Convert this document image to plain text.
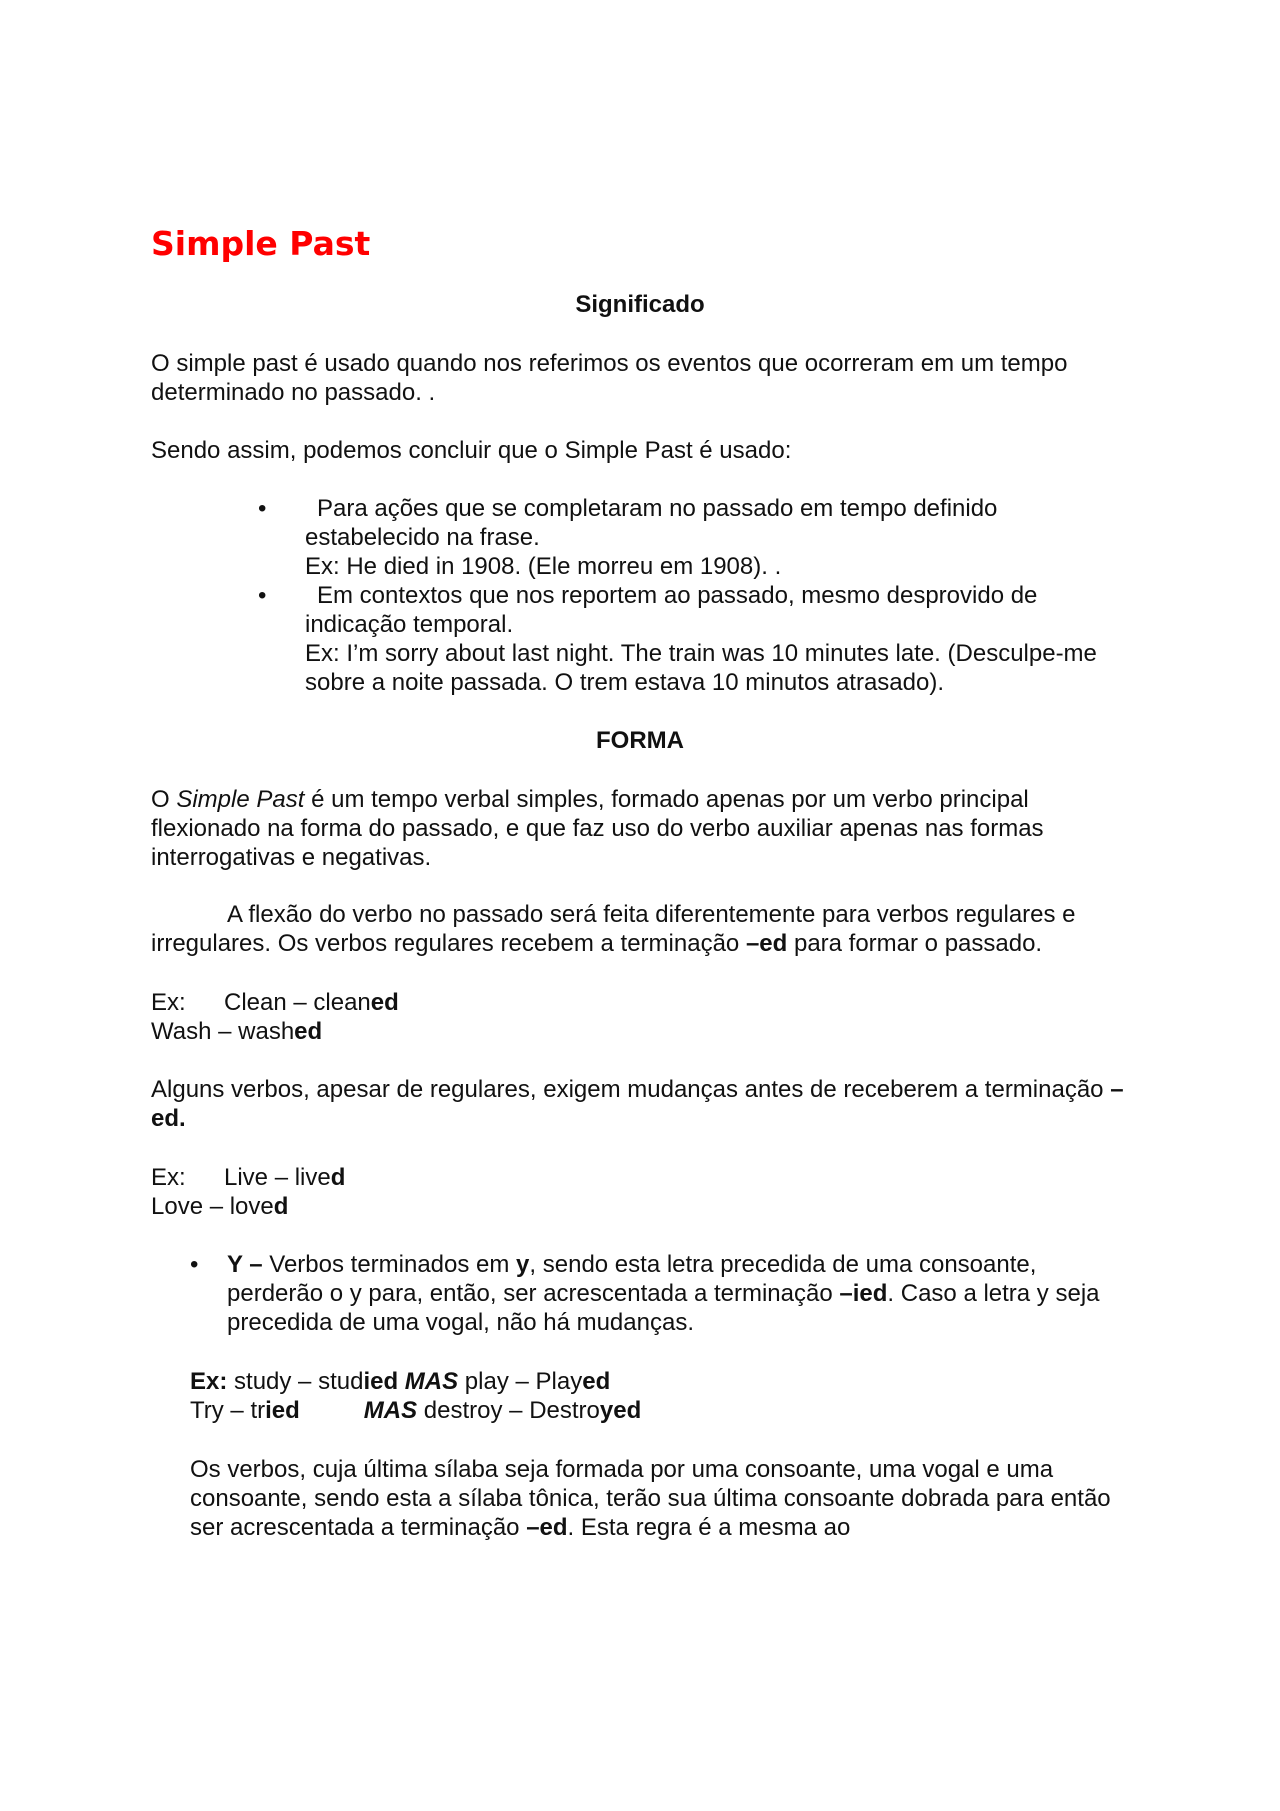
Simple Past
Significado

O simple past é usado quando nos referimos os eventos que ocorreram em um tempo determinado no passado. .

Sendo assim, podemos concluir que o Simple Past é usado:

•	Para ações que se completaram no passado em tempo definido estabelecido na frase.
Ex: He died in 1908. (Ele morreu em 1908). .
•	Em contextos que nos reportem ao passado, mesmo desprovido de indicação temporal.
Ex: I’m sorry about last night. The train was 10 minutes late. (Desculpe-me sobre a noite passada. O trem estava 10 minutos atrasado).
FORMA

O Simple Past é um tempo verbal simples, formado apenas por um verbo principal flexionado na forma do passado, e que faz uso do verbo auxiliar apenas nas formas interrogativas e negativas.

A flexão do verbo no passado será feita diferentemente para verbos regulares e irregulares. Os verbos regulares recebem a terminação –ed para formar o passado.

Ex: Clean – cleaned
Wash – washed

Alguns verbos, apesar de regulares, exigem mudanças antes de receberem a terminação –ed.

Ex: Live – lived
Love – loved
• Y – Verbos terminados em y, sendo esta letra precedida de uma consoante, perderão o y para, então, ser acrescentada a terminação –ied. Caso a letra y seja precedida de uma vogal, não há mudanças.
Ex: study – studied MAS play – Played
Try – tried	MAS destroy – Destroyed

Os verbos, cuja última sílaba seja formada por uma consoante, uma vogal e uma consoante, sendo esta a sílaba tônica, terão sua última consoante dobrada para então ser acrescentada a terminação –ed. Esta regra é a mesma ao
